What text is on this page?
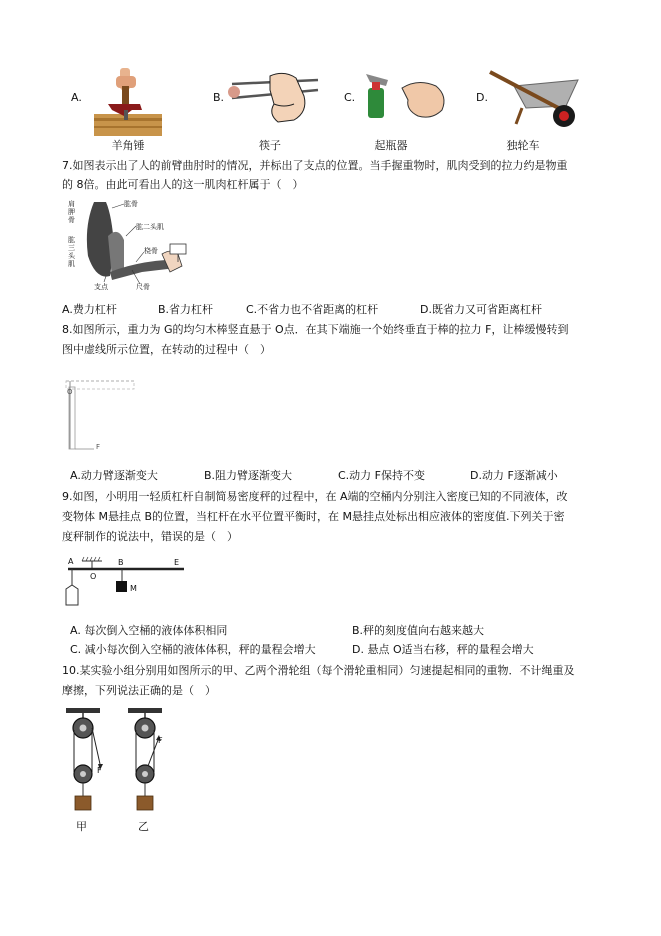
A.
羊角锤
B.
筷子
C.
起瓶器
D.
独轮车
7.如图表示出了人的前臂曲肘时的情况，并标出了支点的位置。当手握重物时，肌肉受到的拉力约是物重
的 8倍。由此可看出人的这一肌肉杠杆属于（　）
肩胛骨
肱骨
肱二头肌
肱三头肌
桡骨
尺骨
支点
A.费力杠杆	B.省力杠杆	C.不省力也不省距离的杠杆	D.既省力又可省距离杠杆
8.如图所示，重力为 G的均匀木棒竖直悬于 O点．在其下端施一个始终垂直于棒的拉力 F，让棒缓慢转到
图中虚线所示位置，在转动的过程中（　）
O
F
A.动力臂逐渐变大	B.阻力臂逐渐变大	C.动力 F保持不变	D.动力 F逐渐减小
9.如图，小明用一轻质杠杆自制简易密度秤的过程中，在 A端的空桶内分别注入密度已知的不同液体，改
变物体 M悬挂点 B的位置，当杠杆在水平位置平衡时，在 M悬挂点处标出相应液体的密度值.下列关于密
度秤制作的说法中，错误的是（　）
A
O
B	E
M
A. 每次倒入空桶的液体体积相同	B.秤的刻度值向右越来越大
C. 减小每次倒入空桶的液体体积，秤的量程会增大	D. 悬点 O适当右移，秤的量程会增大
10.某实验小组分别用如图所示的甲、乙两个滑轮组（每个滑轮重相同）匀速提起相同的重物．不计绳重及
摩擦，下列说法正确的是（　）
F
F
甲	乙
